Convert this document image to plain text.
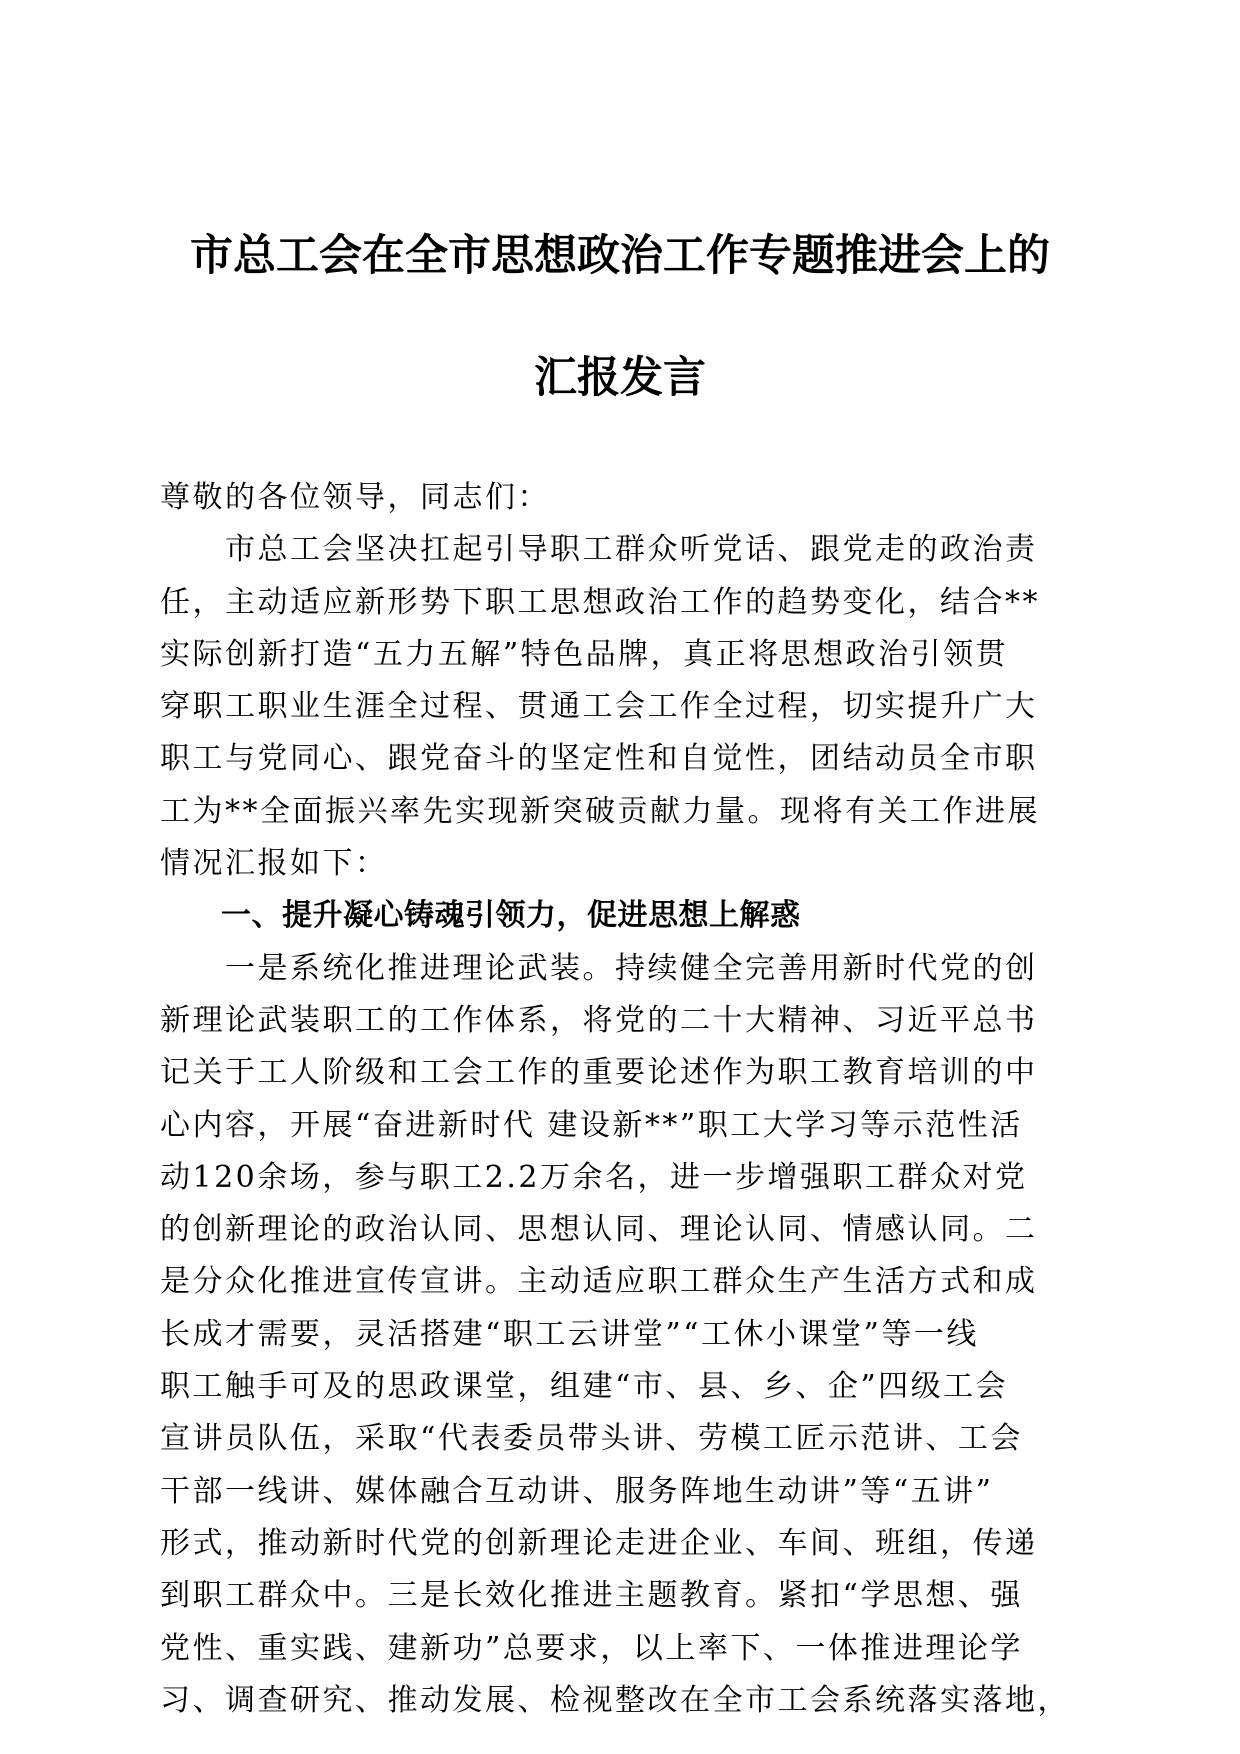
市总工会在全市思想政治工作专题推进会上的
汇报发言
尊敬的各位领导，同志们：
　　市总工会坚决扛起引导职工群众听党话、跟党走的政治责
任，主动适应新形势下职工思想政治工作的趋势变化，结合**
实际创新打造“五力五解”特色品牌，真正将思想政治引领贯
穿职工职业生涯全过程、贯通工会工作全过程，切实提升广大
职工与党同心、跟党奋斗的坚定性和自觉性，团结动员全市职
工为**全面振兴率先实现新突破贡献力量。现将有关工作进展
情况汇报如下：
　　一、提升凝心铸魂引领力，促进思想上解惑
　　一是系统化推进理论武装。持续健全完善用新时代党的创
新理论武装职工的工作体系，将党的二十大精神、习近平总书
记关于工人阶级和工会工作的重要论述作为职工教育培训的中
心内容，开展“奋进新时代 建设新**”职工大学习等示范性活
动120余场，参与职工2.2万余名，进一步增强职工群众对党
的创新理论的政治认同、思想认同、理论认同、情感认同。二
是分众化推进宣传宣讲。主动适应职工群众生产生活方式和成
长成才需要，灵活搭建“职工云讲堂”“工休小课堂”等一线
职工触手可及的思政课堂，组建“市、县、乡、企”四级工会
宣讲员队伍，采取“代表委员带头讲、劳模工匠示范讲、工会
干部一线讲、媒体融合互动讲、服务阵地生动讲”等“五讲”
形式，推动新时代党的创新理论走进企业、车间、班组，传递
到职工群众中。三是长效化推进主题教育。紧扣“学思想、强
党性、重实践、建新功”总要求，以上率下、一体推进理论学
习、调查研究、推动发展、检视整改在全市工会系统落实落地，
